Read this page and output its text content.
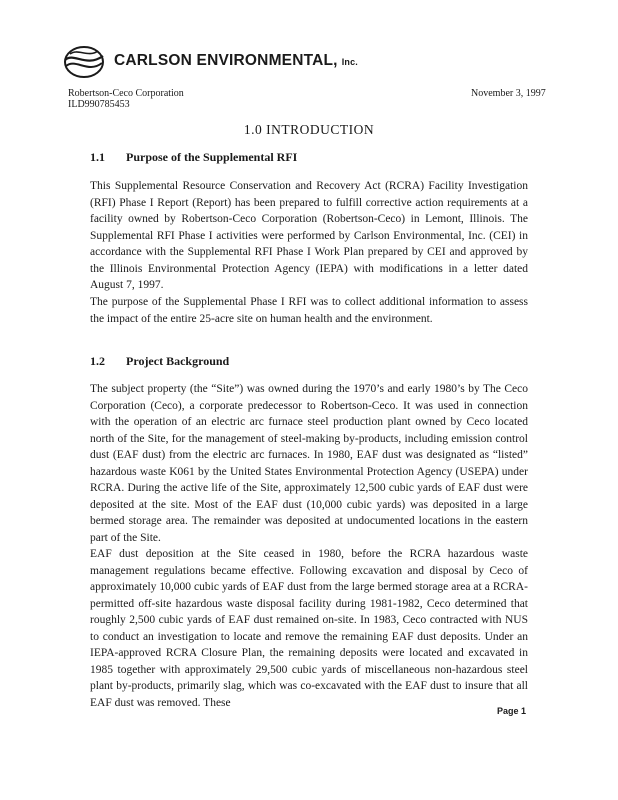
CARLSON ENVIRONMENTAL, Inc.
Robertson-Ceco Corporation
ILD990785453
November 3, 1997
1.0 INTRODUCTION
1.1 Purpose of the Supplemental RFI

This Supplemental Resource Conservation and Recovery Act (RCRA) Facility Investigation (RFI) Phase I Report (Report) has been prepared to fulfill corrective action requirements at a facility owned by Robertson-Ceco Corporation (Robertson-Ceco) in Lemont, Illinois. The Supplemental RFI Phase I activities were performed by Carlson Environmental, Inc. (CEI) in accordance with the Supplemental RFI Phase I Work Plan prepared by CEI and approved by the Illinois Environmental Protection Agency (IEPA) with modifications in a letter dated August 7, 1997.

The purpose of the Supplemental Phase I RFI was to collect additional information to assess the impact of the entire 25-acre site on human health and the environment.

1.2 Project Background

The subject property (the “Site”) was owned during the 1970’s and early 1980’s by The Ceco Corporation (Ceco), a corporate predecessor to Robertson-Ceco. It was used in connection with the operation of an electric arc furnace steel production plant owned by Ceco located north of the Site, for the management of steel-making by-products, including emission control dust (EAF dust) from the electric arc furnaces. In 1980, EAF dust was designated as “listed” hazardous waste K061 by the United States Environmental Protection Agency (USEPA) under RCRA. During the active life of the Site, approximately 12,500 cubic yards of EAF dust were deposited at the site. Most of the EAF dust (10,000 cubic yards) was deposited in a large bermed storage area. The remainder was deposited at undocumented locations in the eastern part of the Site.

EAF dust deposition at the Site ceased in 1980, before the RCRA hazardous waste management regulations became effective. Following excavation and disposal by Ceco of approximately 10,000 cubic yards of EAF dust from the large bermed storage area at a RCRA-permitted off-site hazardous waste disposal facility during 1981-1982, Ceco determined that roughly 2,500 cubic yards of EAF dust remained on-site. In 1983, Ceco contracted with NUS to conduct an investigation to locate and remove the remaining EAF dust deposits. Under an IEPA-approved RCRA Closure Plan, the remaining deposits were located and excavated in 1985 together with approximately 29,500 cubic yards of miscellaneous non-hazardous steel plant by-products, primarily slag, which was co-excavated with the EAF dust to insure that all EAF dust was removed. These

Page 1
